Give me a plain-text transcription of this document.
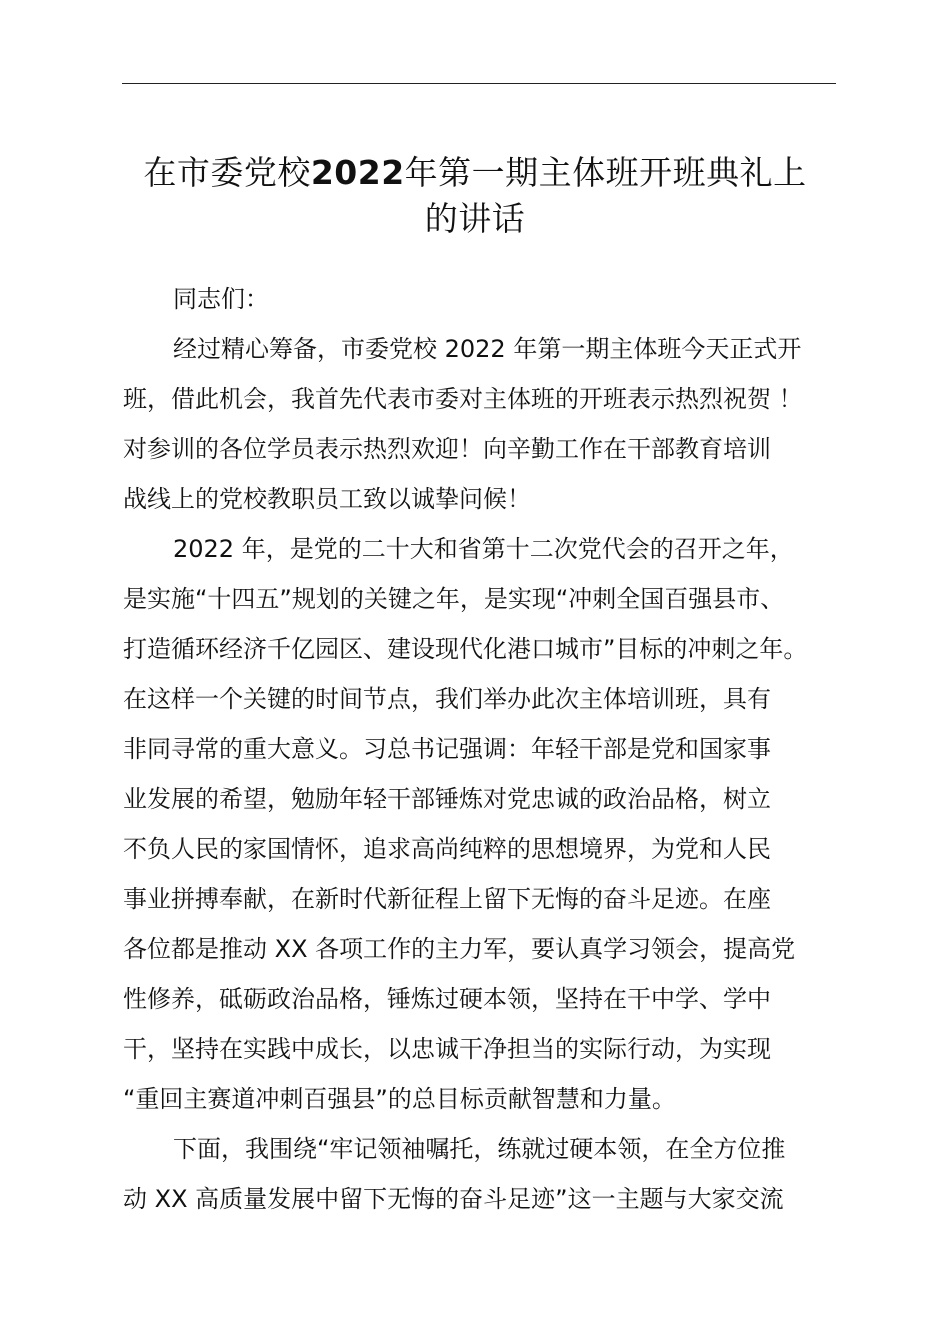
在市委党校2022年第一期主体班开班典礼上
的讲话

同志们：

经过精心筹备，市委党校 2022 年第一期主体班今天正式开
班，借此机会，我首先代表市委对主体班的开班表示热烈祝贺 ！
对参训的各位学员表示热烈欢迎！向辛勤工作在干部教育培训
战线上的党校教职员工致以诚挚问候！

2022 年，是党的二十大和省第十二次党代会的召开之年，
是实施“十四五”规划的关键之年，是实现“冲刺全国百强县市、
打造循环经济千亿园区、建设现代化港口城市”目标的冲刺之年。
在这样一个关键的时间节点，我们举办此次主体培训班，具有
非同寻常的重大意义。习总书记强调：年轻干部是党和国家事
业发展的希望，勉励年轻干部锤炼对党忠诚的政治品格，树立
不负人民的家国情怀，追求高尚纯粹的思想境界，为党和人民
事业拼搏奉献，在新时代新征程上留下无悔的奋斗足迹。在座
各位都是推动 XX 各项工作的主力军，要认真学习领会，提高党
性修养，砥砺政治品格，锤炼过硬本领，坚持在干中学、学中
干，坚持在实践中成长，以忠诚干净担当的实际行动，为实现
“重回主赛道冲刺百强县”的总目标贡献智慧和力量。

下面，我围绕“牢记领袖嘱托，练就过硬本领，在全方位推
动 XX 高质量发展中留下无悔的奋斗足迹”这一主题与大家交流
